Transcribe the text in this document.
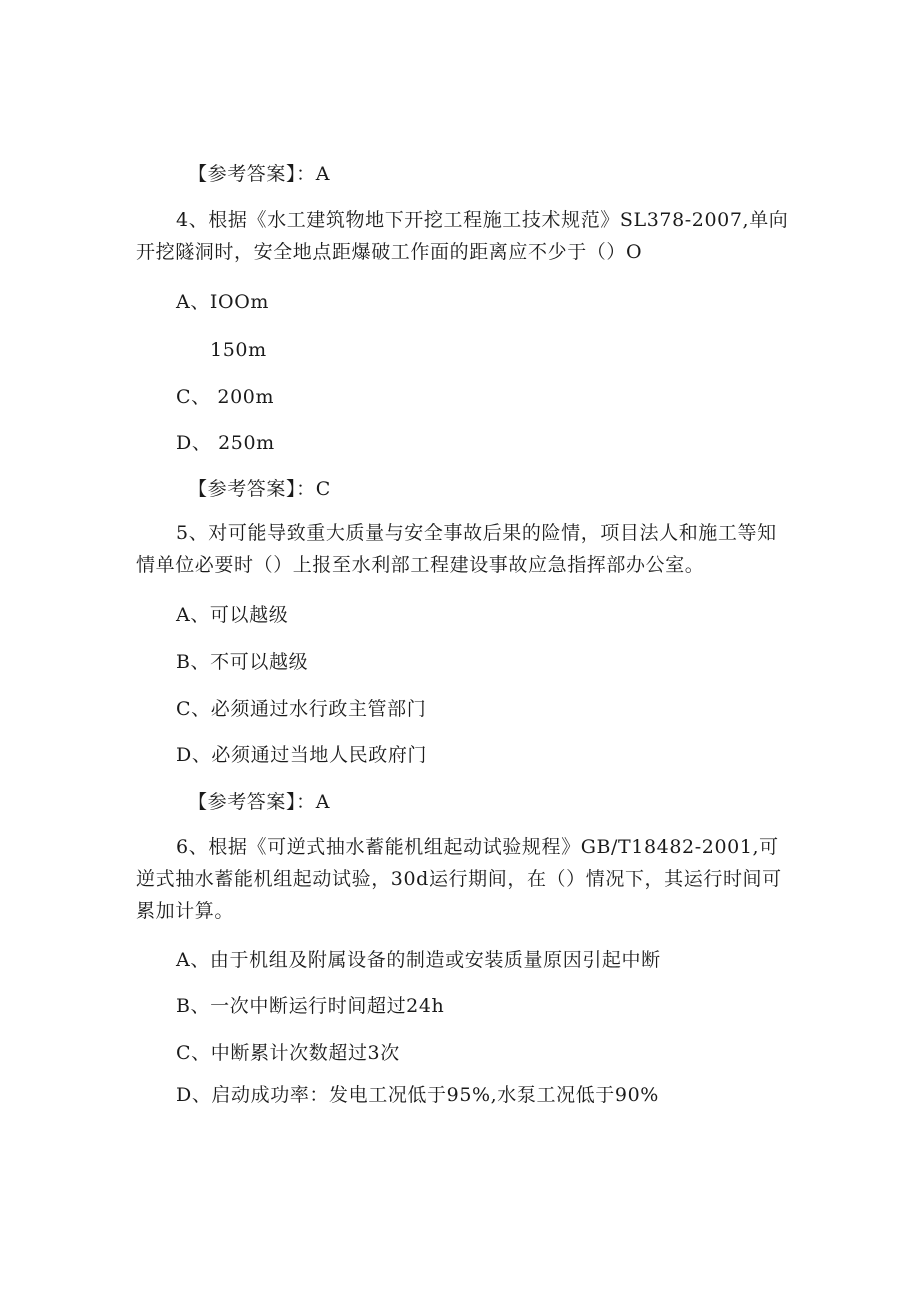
【参考答案】：A
4、根据《水工建筑物地下开挖工程施工技术规范》SL378-2007,单向开挖隧洞时，安全地点距爆破工作面的距离应不少于（）O
A、IOOm
150m
C、 200m
D、 250m
【参考答案】：C
5、对可能导致重大质量与安全事故后果的险情，项目法人和施工等知情单位必要时（）上报至水利部工程建设事故应急指挥部办公室。
A、可以越级
B、不可以越级
C、必须通过水行政主管部门
D、必须通过当地人民政府门
【参考答案】：A
6、根据《可逆式抽水蓄能机组起动试验规程》GB/T18482-2001,可逆式抽水蓄能机组起动试验，30d运行期间，在（）情况下，其运行时间可累加计算。
A、由于机组及附属设备的制造或安装质量原因引起中断
B、一次中断运行时间超过24h
C、中断累计次数超过3次
D、启动成功率：发电工况低于95%,水泵工况低于90%
